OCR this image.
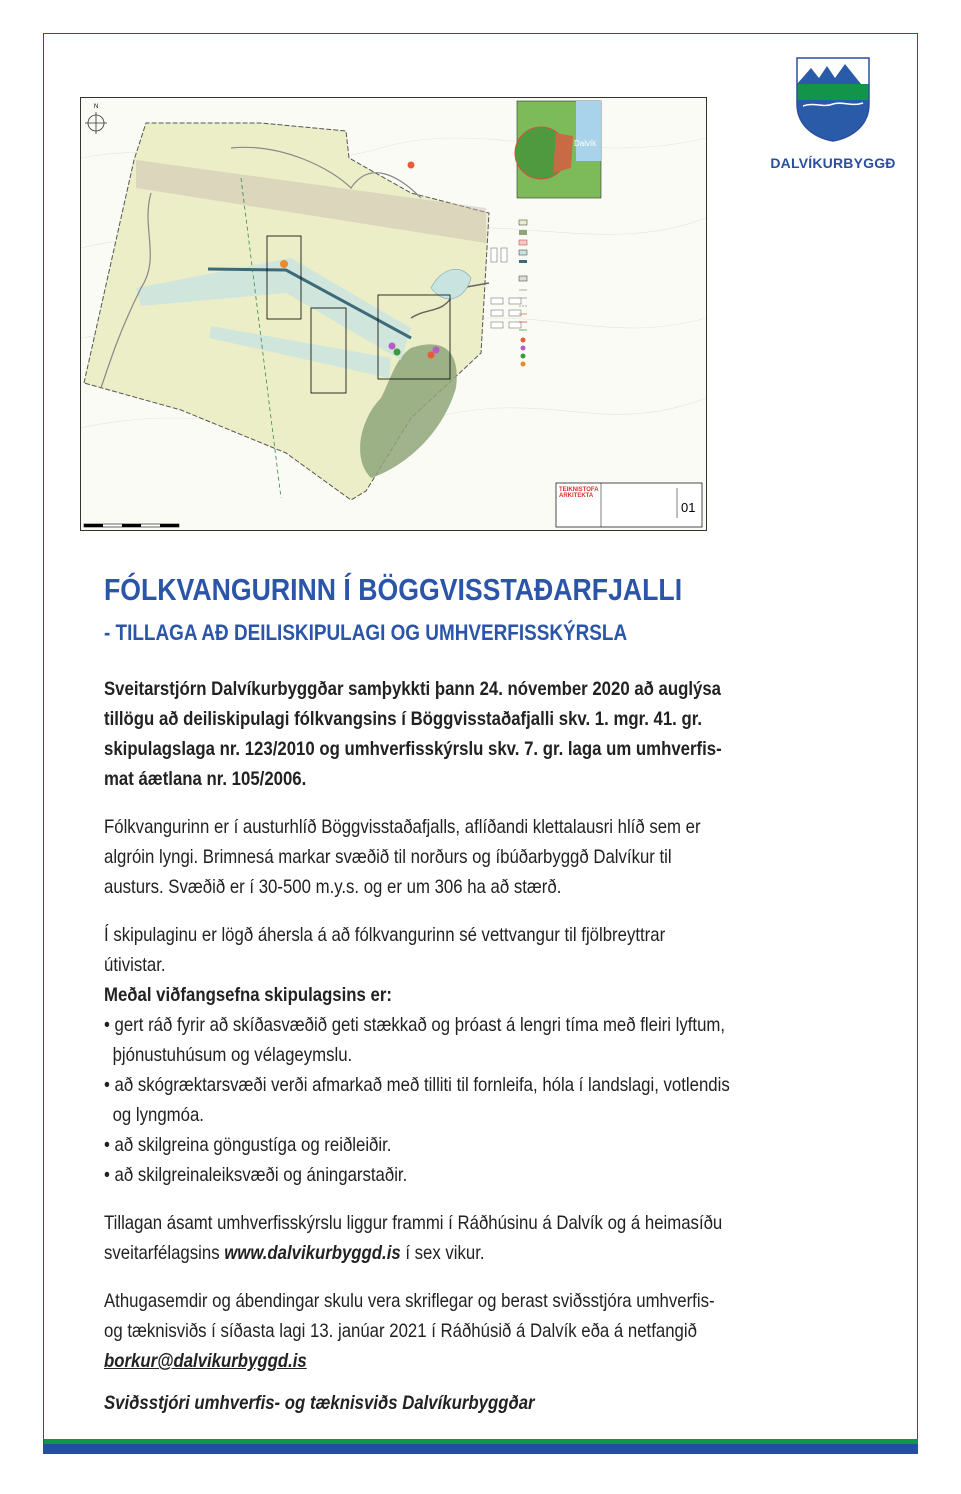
DALVÍKURBYGGÐ
N
Dalvík
TEIKNISTOFA
ARKITEKTA
01
FÓLKVANGURINN Í BÖGGVISSTAÐARFJALLI
- TILLAGA AÐ DEILISKIPULAGI OG UMHVERFISSKÝRSLA
Sveitarstjórn Dalvíkurbyggðar samþykkti þann 24. nóvember 2020 að auglýsa
tillögu að deiliskipulagi fólkvangsins í Böggvisstaðafjalli skv. 1. mgr. 41. gr.
skipulagslaga nr. 123/2010 og umhverfisskýrslu skv. 7. gr. laga um umhverfis-
mat áætlana nr. 105/2006.
Fólkvangurinn er í austurhlíð Böggvisstaðafjalls, aflíðandi klettalausri hlíð sem er
algróin lyngi. Brimnesá markar svæðið til norðurs og íbúðarbyggð Dalvíkur til
austurs. Svæðið er í 30-500 m.y.s. og er um 306 ha að stærð.
Í skipulaginu er lögð áhersla á að fólkvangurinn sé vettvangur til fjölbreyttrar
útivistar.
Meðal viðfangsefna skipulagsins er:
• gert ráð fyrir að skíðasvæðið geti stækkað og þróast á lengri tíma með fleiri lyftum,
þjónustuhúsum og vélageymslu.
• að skógræktarsvæði verði afmarkað með tilliti til fornleifa, hóla í landslagi, votlendis
og lyngmóa.
• að skilgreina göngustíga og reiðleiðir.
• að skilgreinaleiksvæði og áningarstaðir.
Tillagan ásamt umhverfisskýrslu liggur frammi í Ráðhúsinu á Dalvík og á heimasíðu
sveitarfélagsins www.dalvikurbyggd.is í sex vikur.
Athugasemdir og ábendingar skulu vera skriflegar og berast sviðsstjóra umhverfis-
og tæknisviðs í síðasta lagi 13. janúar 2021 í Ráðhúsið á Dalvík eða á netfangið
borkur@dalvikurbyggd.is
Sviðsstjóri umhverfis- og tæknisviðs Dalvíkurbyggðar
